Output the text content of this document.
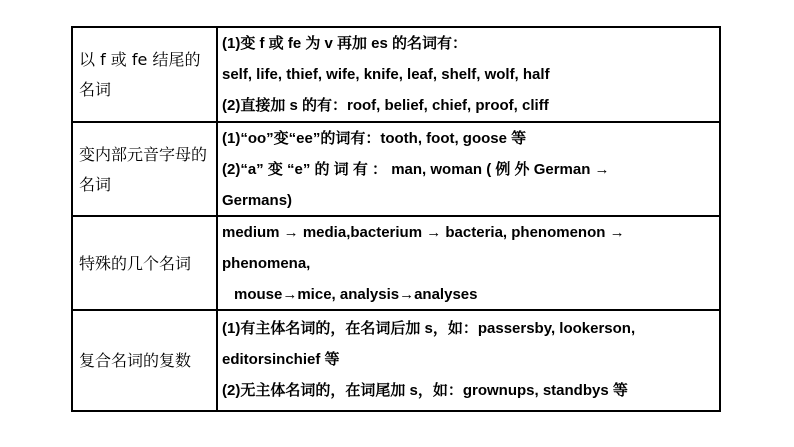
以 f 或 fe 结尾的名词
(1)变 f 或 fe 为 v 再加 es 的名词有：
self, life, thief, wife, knife, leaf, shelf, wolf, half
(2)直接加 s 的有：roof, belief, chief, proof, cliff
变内部元音字母的名词
(1)“oo”变“ee”的词有：tooth, foot, goose 等
(2)“a” 变 “e” 的 词 有 ： man, woman ( 例 外 German →
Germans)
特殊的几个名词
medium → media,bacterium → bacteria, phenomenon →
phenomena,
mouse→mice, analysis→analyses
复合名词的复数
(1)有主体名词的，在名词后加 s，如：passersby, lookerson,
editorsinchief 等
(2)无主体名词的，在词尾加 s，如：grownups, standbys 等
